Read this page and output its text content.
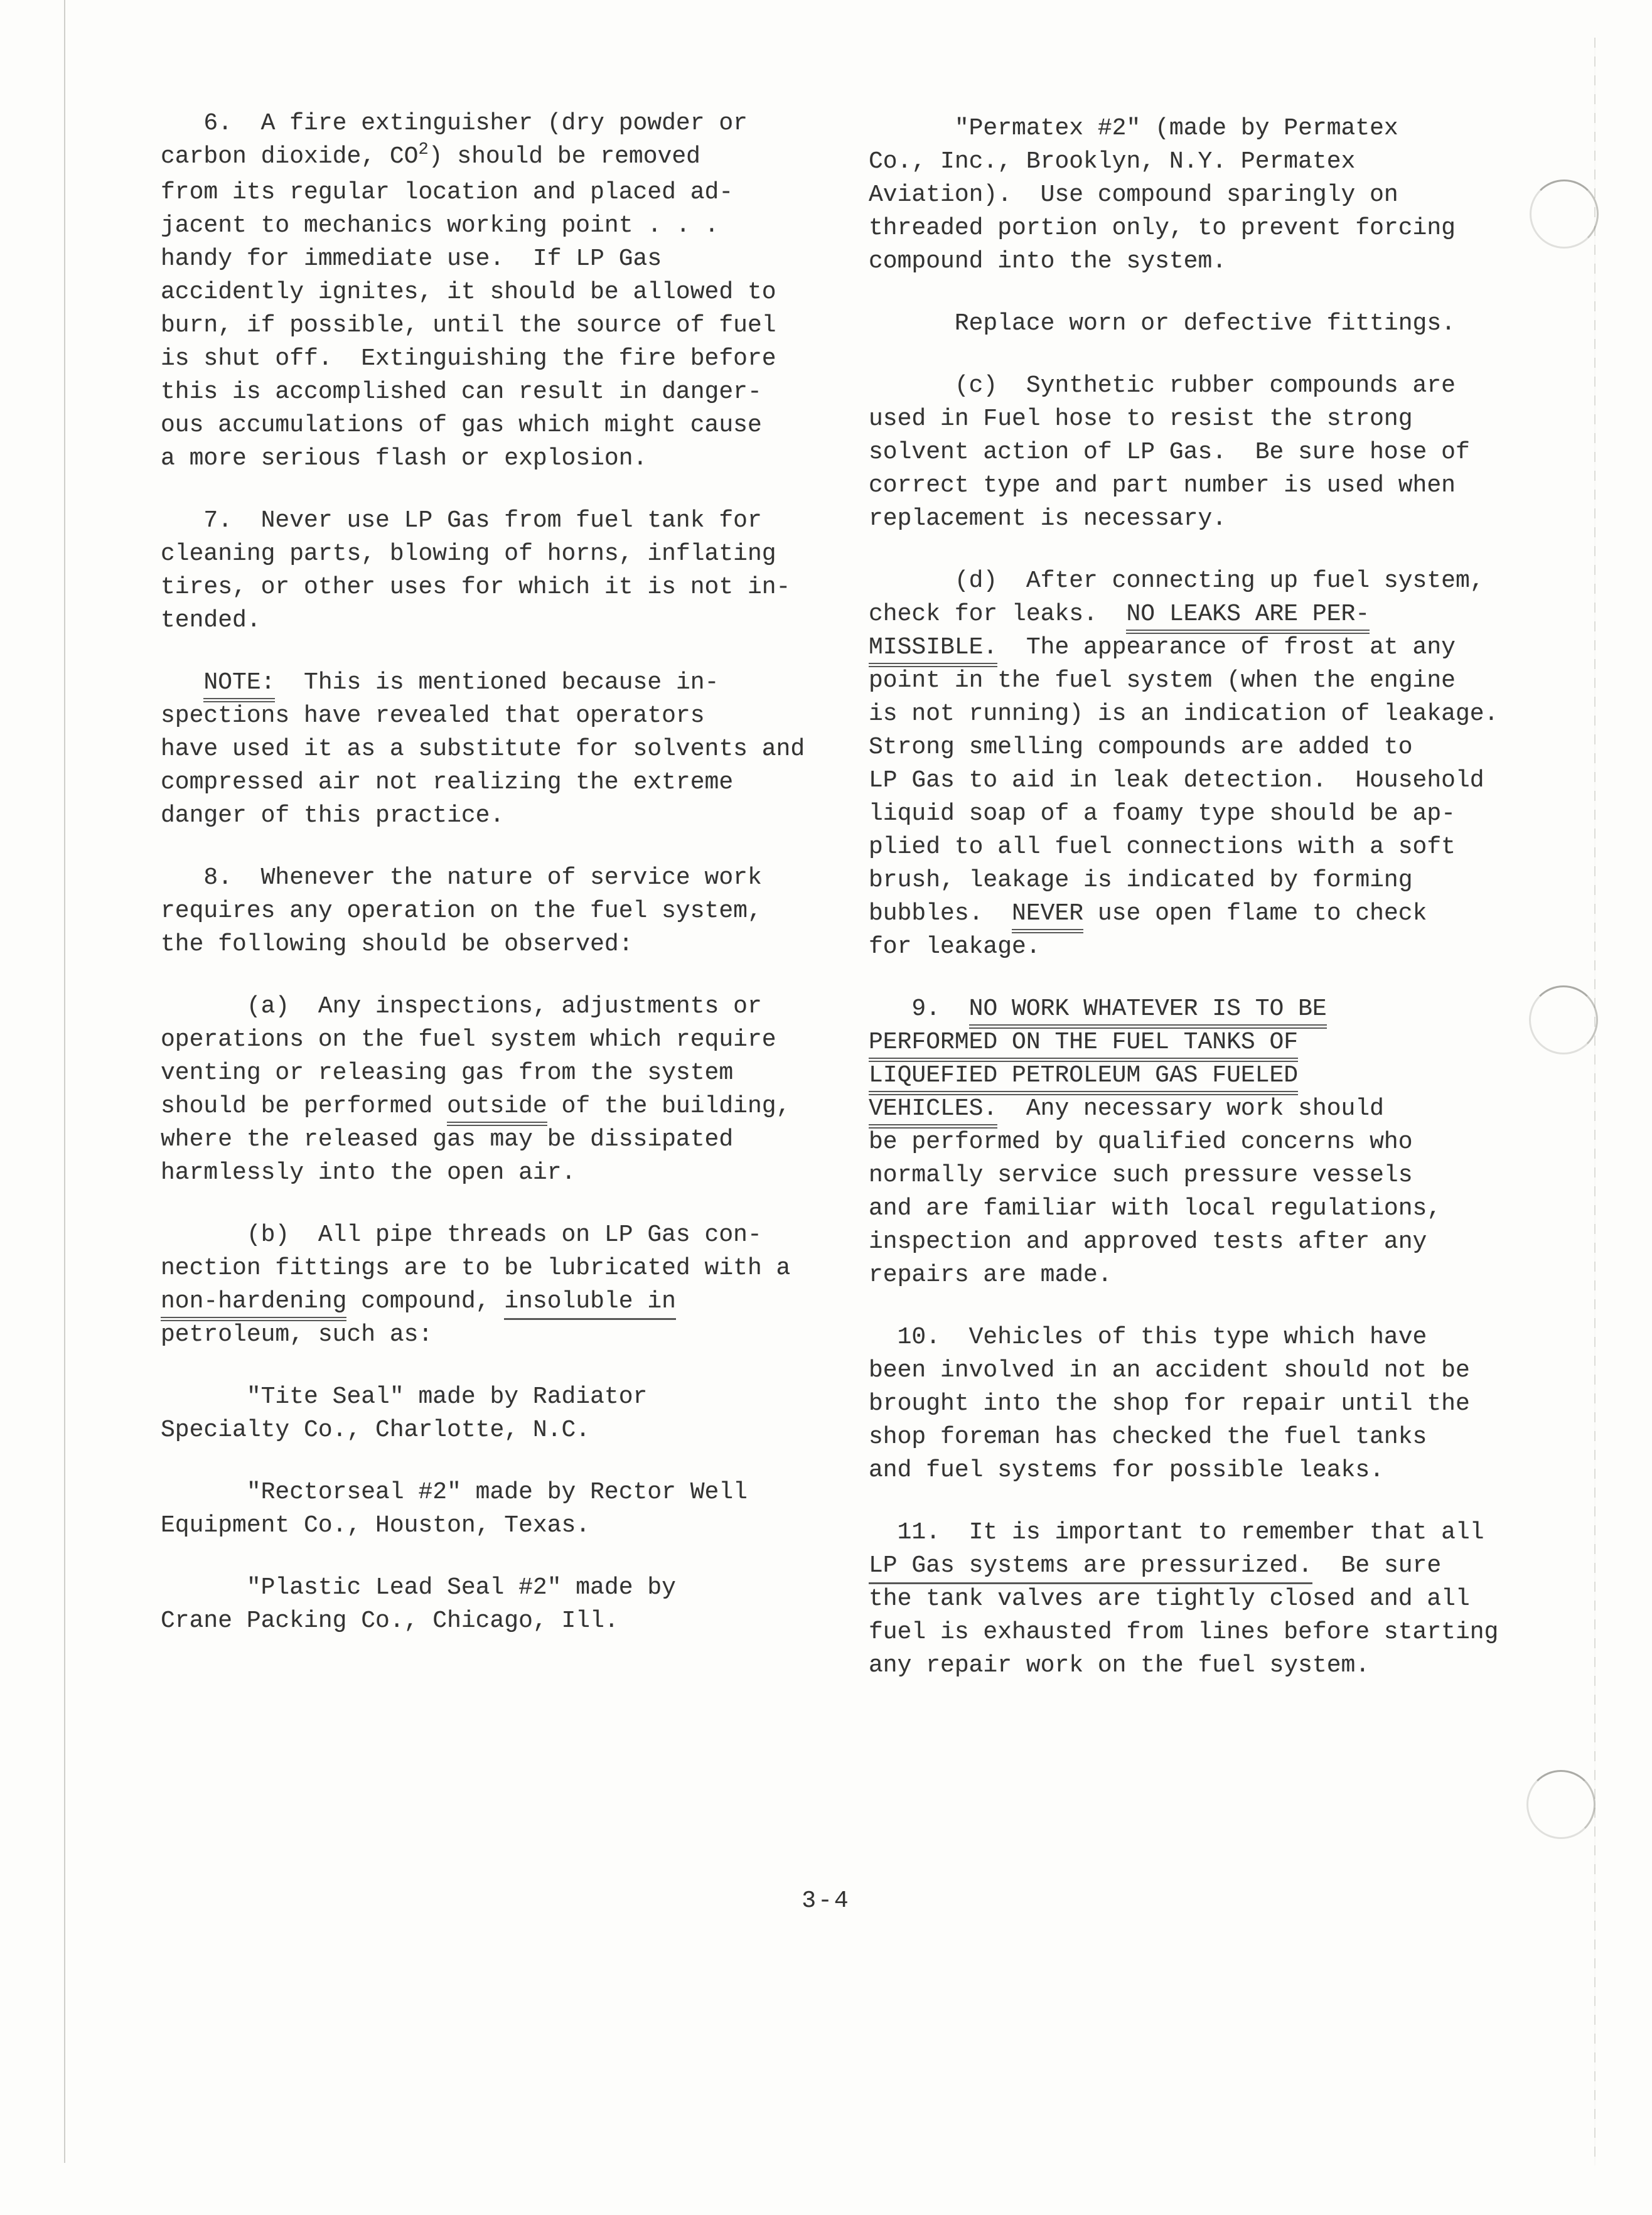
6.  A fire extinguisher (dry powder or
carbon dioxide, $CO^2$) should be removed
from its regular location and placed ad-
jacent to mechanics working point . . .
handy for immediate use.  If LP Gas
accidently ignites, it should be allowed to
burn, if possible, until the source of fuel
is shut off.  Extinguishing the fire before
this is accomplished can result in danger-
ous accumulations of gas which might cause
a more serious flash or explosion.
7.  Never use LP Gas from fuel tank for
cleaning parts, blowing of horns, inflating
tires, or other uses for which it is not in-
tended.
NOTE:  This is mentioned because in-
spections have revealed that operators
have used it as a substitute for solvents and
compressed air not realizing the extreme
danger of this practice.
8.  Whenever the nature of service work
requires any operation on the fuel system,
the following should be observed:
(a)  Any inspections, adjustments or
operations on the fuel system which require
venting or releasing gas from the system
should be performed outside of the building,
where the released gas may be dissipated
harmlessly into the open air.
(b)  All pipe threads on LP Gas con-
nection fittings are to be lubricated with a
non-hardening compound, insoluble in
petroleum, such as:
"Tite Seal" made by Radiator
Specialty Co., Charlotte, N.C.
"Rectorseal #2" made by Rector Well
Equipment Co., Houston, Texas.
"Plastic Lead Seal #2" made by
Crane Packing Co., Chicago, Ill.
"Permatex #2" (made by Permatex
Co., Inc., Brooklyn, N.Y. Permatex
Aviation).  Use compound sparingly on
threaded portion only, to prevent forcing
compound into the system.
Replace worn or defective fittings.
(c)  Synthetic rubber compounds are
used in Fuel hose to resist the strong
solvent action of LP Gas.  Be sure hose of
correct type and part number is used when
replacement is necessary.
(d)  After connecting up fuel system,
check for leaks.  NO LEAKS ARE PER-
MISSIBLE.  The appearance of frost at any
point in the fuel system (when the engine
is not running) is an indication of leakage.
Strong smelling compounds are added to
LP Gas to aid in leak detection.  Household
liquid soap of a foamy type should be ap-
plied to all fuel connections with a soft
brush, leakage is indicated by forming
bubbles.  NEVER use open flame to check
for leakage.
9.  NO WORK WHATEVER IS TO BE
PERFORMED ON THE FUEL TANKS OF
LIQUEFIED PETROLEUM GAS FUELED
VEHICLES.  Any necessary work should
be performed by qualified concerns who
normally service such pressure vessels
and are familiar with local regulations,
inspection and approved tests after any
repairs are made.
10.  Vehicles of this type which have
been involved in an accident should not be
brought into the shop for repair until the
shop foreman has checked the fuel tanks
and fuel systems for possible leaks.
11.  It is important to remember that all
LP Gas systems are pressurized.  Be sure
the tank valves are tightly closed and all
fuel is exhausted from lines before starting
any repair work on the fuel system.
3-4
